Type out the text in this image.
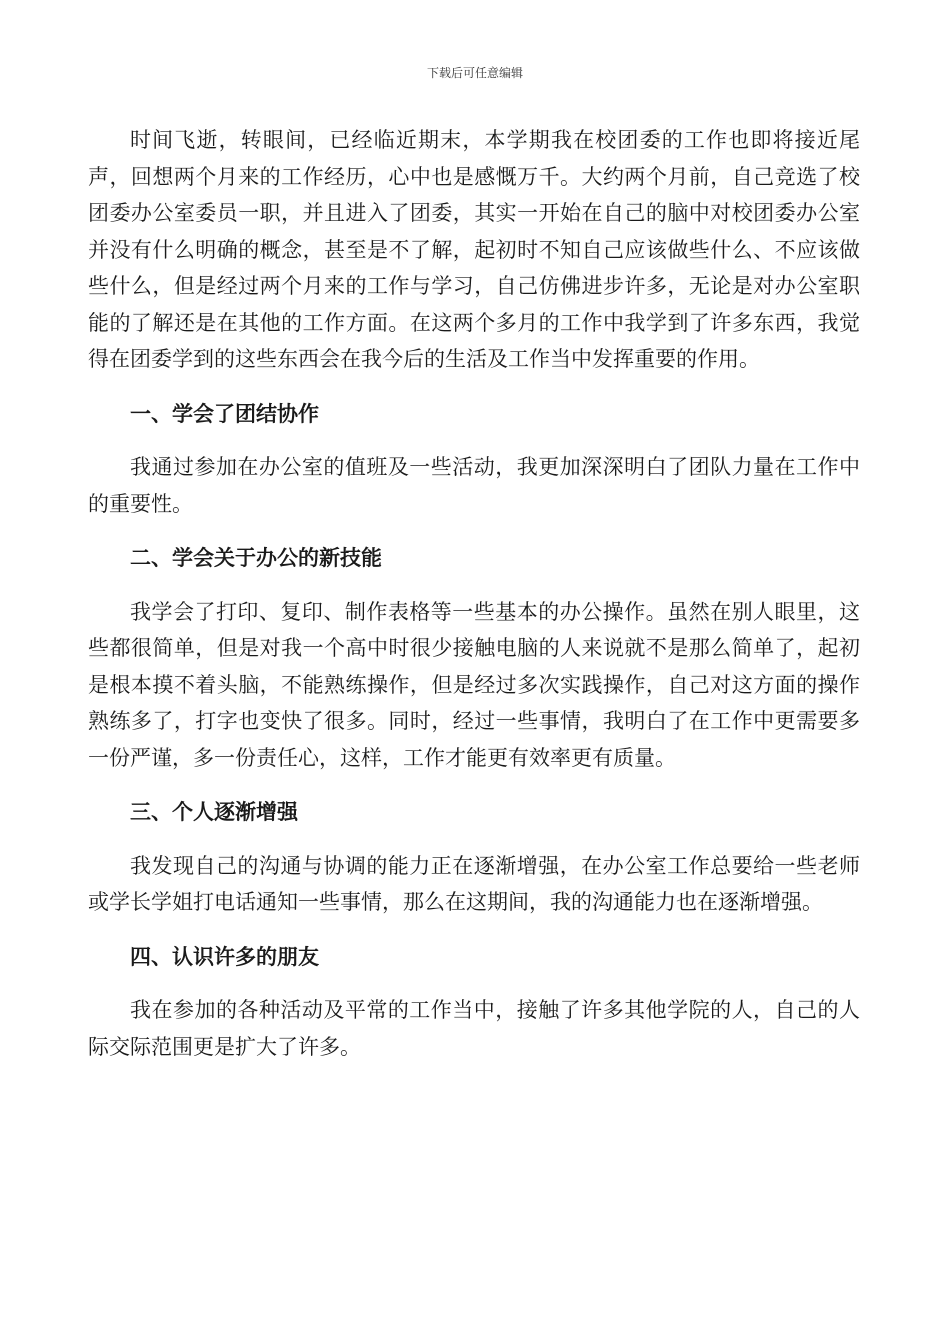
下载后可任意编辑

时间飞逝，转眼间，已经临近期末，本学期我在校团委的工作也即将接近尾声，回想两个月来的工作经历，心中也是感慨万千。大约两个月前，自己竞选了校团委办公室委员一职，并且进入了团委，其实一开始在自己的脑中对校团委办公室并没有什么明确的概念，甚至是不了解，起初时不知自己应该做些什么、不应该做些什么，但是经过两个月来的工作与学习，自己仿佛进步许多，无论是对办公室职能的了解还是在其他的工作方面。在这两个多月的工作中我学到了许多东西，我觉得在团委学到的这些东西会在我今后的生活及工作当中发挥重要的作用。

一、学会了团结协作

我通过参加在办公室的值班及一些活动，我更加深深明白了团队力量在工作中的重要性。

二、学会关于办公的新技能

我学会了打印、复印、制作表格等一些基本的办公操作。虽然在别人眼里，这些都很简单，但是对我一个高中时很少接触电脑的人来说就不是那么简单了，起初是根本摸不着头脑，不能熟练操作，但是经过多次实践操作，自己对这方面的操作熟练多了，打字也变快了很多。同时，经过一些事情，我明白了在工作中更需要多一份严谨，多一份责任心，这样，工作才能更有效率更有质量。

三、个人逐渐增强

我发现自己的沟通与协调的能力正在逐渐增强，在办公室工作总要给一些老师或学长学姐打电话通知一些事情，那么在这期间，我的沟通能力也在逐渐增强。

四、认识许多的朋友

我在参加的各种活动及平常的工作当中，接触了许多其他学院的人，自己的人际交际范围更是扩大了许多。
